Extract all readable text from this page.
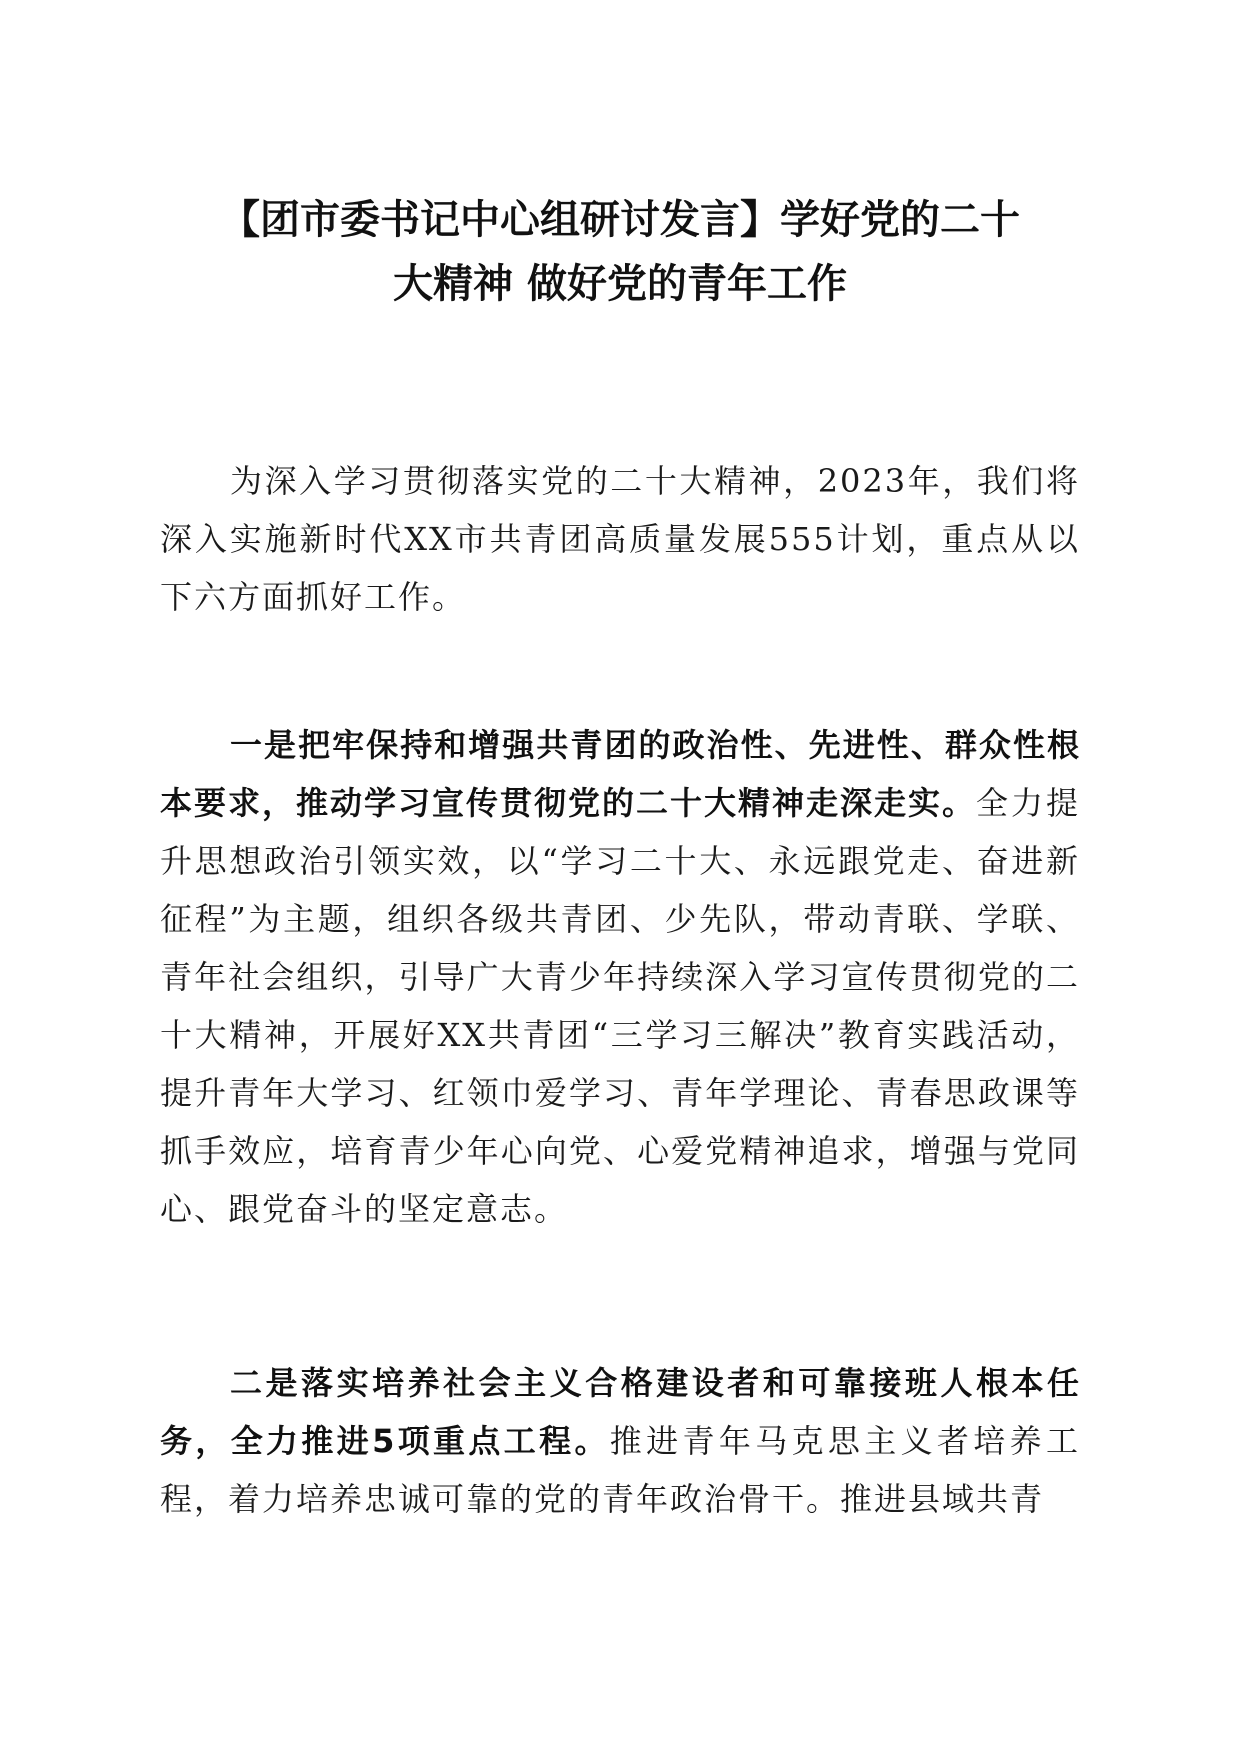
【团市委书记中心组研讨发言】学好党的二十
大精神 做好党的青年工作

为深入学习贯彻落实党的二十大精神，2023年，我们将深入实施新时代XX市共青团高质量发展555计划，重点从以下六方面抓好工作。

一是把牢保持和增强共青团的政治性、先进性、群众性根本要求，推动学习宣传贯彻党的二十大精神走深走实。全力提升思想政治引领实效，以“学习二十大、永远跟党走、奋进新征程”为主题，组织各级共青团、少先队，带动青联、学联、青年社会组织，引导广大青少年持续深入学习宣传贯彻党的二十大精神，开展好XX共青团“三学习三解决”教育实践活动，提升青年大学习、红领巾爱学习、青年学理论、青春思政课等抓手效应，培育青少年心向党、心爱党精神追求，增强与党同心、跟党奋斗的坚定意志。

二是落实培养社会主义合格建设者和可靠接班人根本任务，全力推进5项重点工程。推进青年马克思主义者培养工程，着力培养忠诚可靠的党的青年政治骨干。推进县域共青
